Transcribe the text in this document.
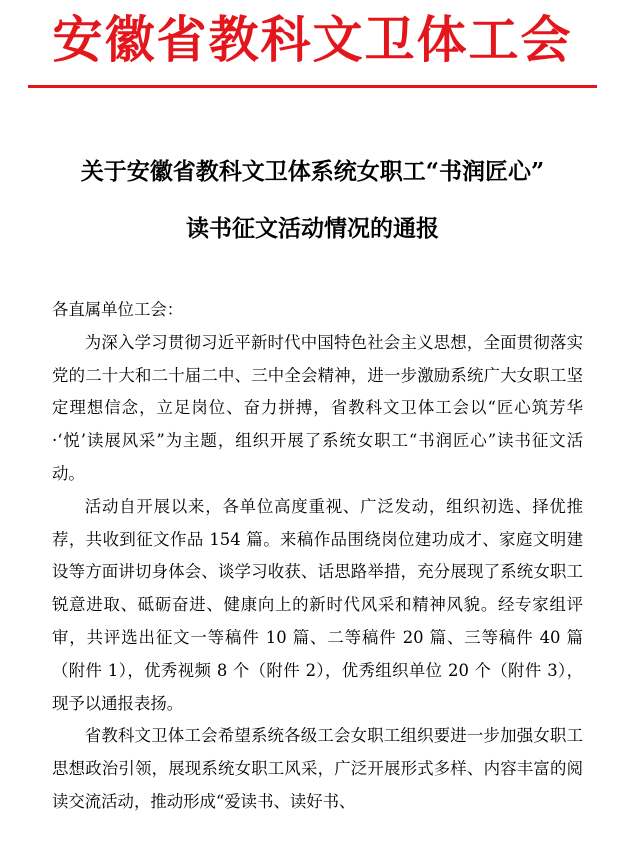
安徽省教科文卫体工会
关于安徽省教科文卫体系统女职工“书润匠心”
读书征文活动情况的通报

各直属单位工会：

为深入学习贯彻习近平新时代中国特色社会主义思想，全面贯彻落实党的二十大和二十届二中、三中全会精神，进一步激励系统广大女职工坚定理想信念，立足岗位、奋力拼搏，省教科文卫体工会以“匠心筑芳华·‘悦’读展风采”为主题，组织开展了系统女职工“书润匠心”读书征文活动。

活动自开展以来，各单位高度重视、广泛发动，组织初选、择优推荐，共收到征文作品 154 篇。来稿作品围绕岗位建功成才、家庭文明建设等方面讲切身体会、谈学习收获、话思路举措，充分展现了系统女职工锐意进取、砥砺奋进、健康向上的新时代风采和精神风貌。经专家组评审，共评选出征文一等稿件 10 篇、二等稿件 20 篇、三等稿件 40 篇（附件 1），优秀视频 8 个（附件 2），优秀组织单位 20 个（附件 3），现予以通报表扬。

省教科文卫体工会希望系统各级工会女职工组织要进一步加强女职工思想政治引领，展现系统女职工风采，广泛开展形式多样、内容丰富的阅读交流活动，推动形成“爱读书、读好书、
